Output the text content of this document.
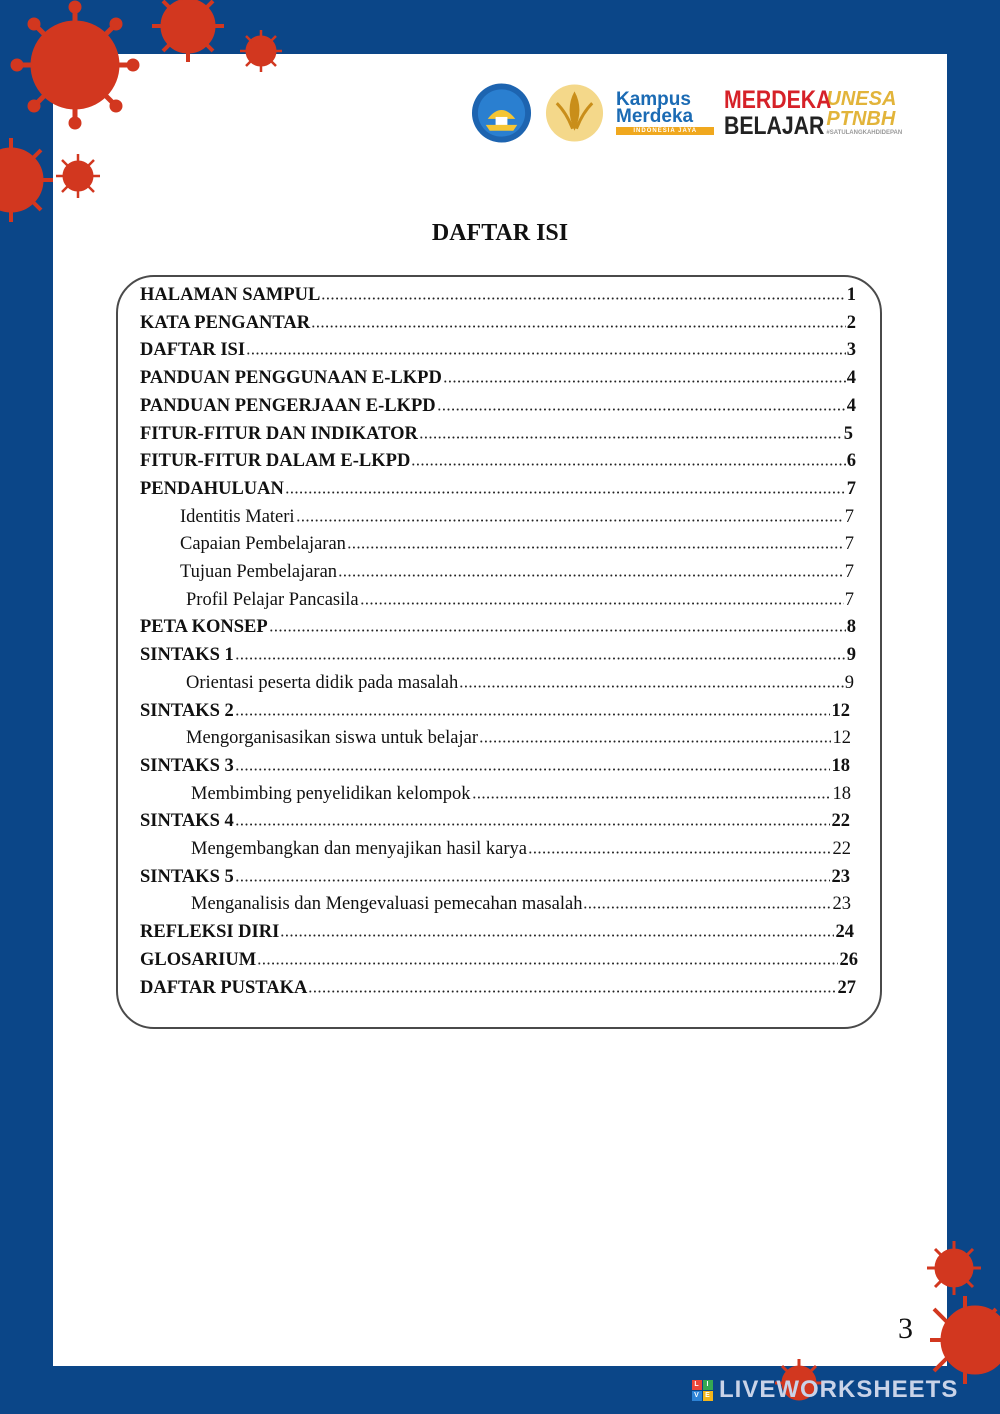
Kampus
Merdeka
INDONESIA JAYA
MERDEKA
BELAJAR
UNESA
PTNBH
#SATULANGKAHDIDEPAN
DAFTAR ISI
HALAMAN SAMPUL	1
KATA PENGANTAR	2
DAFTAR ISI	3
PANDUAN PENGGUNAAN E-LKPD	4
PANDUAN PENGERJAAN E-LKPD	4
FITUR-FITUR DAN INDIKATOR	5
FITUR-FITUR DALAM E-LKPD	6
PENDAHULUAN	7
Identitis Materi	7
Capaian Pembelajaran	7
Tujuan Pembelajaran	7
Profil Pelajar Pancasila	7
PETA KONSEP	8
SINTAKS 1	9
Orientasi peserta didik pada masalah	9
SINTAKS 2	12
Mengorganisasikan siswa untuk belajar	12
SINTAKS 3	18
Membimbing penyelidikan kelompok	18
SINTAKS 4	22
Mengembangkan dan menyajikan hasil karya	22
SINTAKS 5	23
Menganalisis dan Mengevaluasi pemecahan masalah	23
REFLEKSI DIRI	24
GLOSARIUM	26
DAFTAR PUSTAKA	27
3
L I
V E LIVEWORKSHEETS
